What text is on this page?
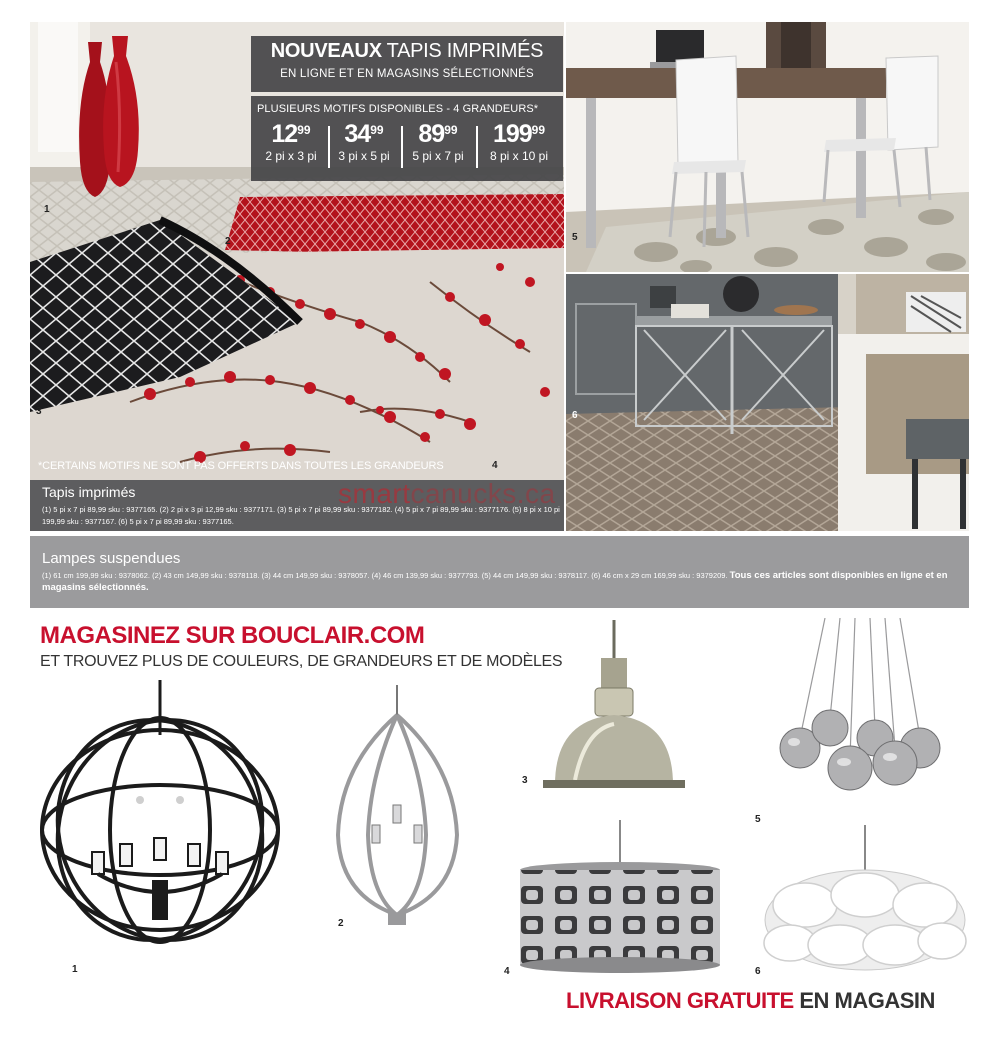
1
2
3
4
5
6
NOUVEAUX TAPIS IMPRIMÉS
EN LIGNE ET EN MAGASINS SÉLECTIONNÉS
PLUSIEURS MOTIFS DISPONIBLES - 4 GRANDEURS*
$12^{99}$
2 pi x 3 pi
$34^{99}$
3 pi x 5 pi
$89^{99}$
5 pi x 7 pi
$199^{99}$
8 pi x 10 pi
*CERTAINS MOTIFS NE SONT PAS OFFERTS DANS TOUTES LES GRANDEURS
Tapis imprimés
(1) 5 pi x 7 pi 89,99 sku : 9377165. (2) 2 pi x 3 pi 12,99 sku : 9377171. (3) 5 pi x 7 pi 89,99 sku : 9377182. (4) 5 pi x 7 pi 89,99 sku : 9377176. (5) 8 pi x 10 pi 199,99 sku : 9377167. (6) 5 pi x 7 pi 89,99 sku : 9377165.
smartcanucks.ca
Lampes suspendues
(1) 61 cm 199,99 sku : 9378062. (2) 43 cm 149,99 sku : 9378118. (3) 44 cm 149,99 sku : 9378057. (4) 46 cm 139,99 sku : 9377793. (5) 44 cm 149,99 sku : 9378117. (6) 46 cm x 29 cm 169,99 sku : 9379209. Tous ces articles sont disponibles en ligne et en magasins sélectionnés.
MAGASINEZ SUR BOUCLAIR.COM
ET TROUVEZ PLUS DE COULEURS, DE GRANDEURS ET DE MODÈLES
1
2
3
4
5
6
LIVRAISON GRATUITE EN MAGASIN
